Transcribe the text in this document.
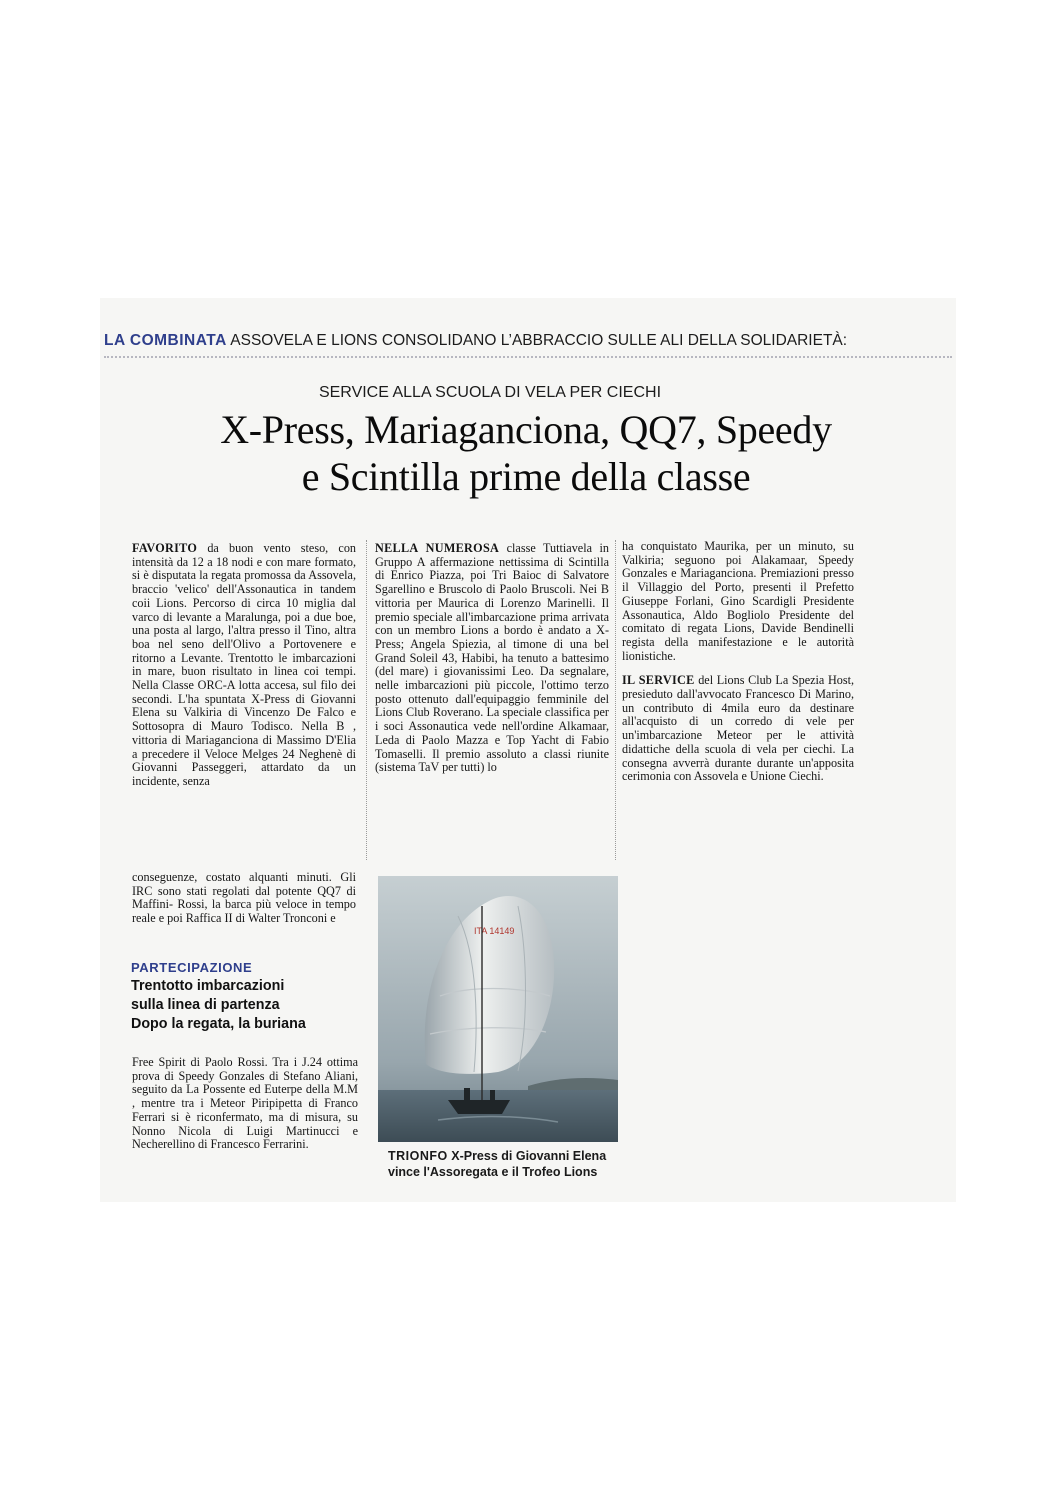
LA COMBINATA ASSOVELA E LIONS CONSOLIDANO L’ABBRACCIO SULLE ALI DELLA SOLIDARIETÀ:
SERVICE ALLA SCUOLA DI VELA PER CIECHI
X-Press, Mariaganciona, QQ7, Speedy
e Scintilla prime della classe
FAVORITO da buon vento steso, con intensità da 12 a 18 nodi e con mare formato, si è disputata la regata promossa da Assovela, braccio 'velico' dell'Assonautica in tandem coii Lions. Percorso di circa 10 miglia dal varco di levante a Maralunga, poi a due boe, una posta al largo, l'altra presso il Tino, altra boa nel seno dell'Olivo a Portovenere e ritorno a Levante. Trentotto le imbarcazioni in mare, buon risultato in linea coi tempi. Nella Classe ORC-A lotta accesa, sul filo dei secondi. L'ha spuntata X-Press di Giovanni Elena su Valkiria di Vincenzo De Falco e Sottosopra di Mauro Todisco. Nella B , vittoria di Mariaganciona di Massimo D'Elia a precedere il Veloce Melges 24 Neghenè di Giovanni Passeggeri, attardato da un incidente, senza
conseguenze, costato alquanti minuti. Gli IRC sono stati regolati dal potente QQ7 di Maffini- Rossi, la barca più veloce in tempo reale e poi Raffica II di Walter Tronconi e
NELLA NUMEROSA classe Tuttiavela in Gruppo A affermazione nettissima di Scintilla di Enrico Piazza, poi Tri Baioc di Salvatore Sgarellino e Bruscolo di Paolo Bruscoli. Nei B vittoria per Maurica di Lorenzo Marinelli. Il premio speciale all'imbarcazione prima arrivata con un membro Lions a bordo è andato a X-Press; Angela Spiezia, al timone di una bel Grand Soleil 43, Habibi, ha tenuto a battesimo (del mare) i giovanissimi Leo. Da segnalare, nelle imbarcazioni più piccole, l'ottimo terzo posto ottenuto dall'equipaggio femminile del Lions Club Roverano. La speciale classifica per i soci Assonautica vede nell'ordine Alkamaar, Leda di Paolo Mazza e Top Yacht di Fabio Tomaselli. Il premio assoluto a classi riunite (sistema TaV per tutti) lo

ha conquistato Maurika, per un minuto, su Valkiria; seguono poi Alakamaar, Speedy Gonzales e Mariaganciona. Premiazioni presso il Villaggio del Porto, presenti il Prefetto Giuseppe Forlani, Gino Scardigli Presidente Assonautica, Aldo Bogliolo Presidente del comitato di regata Lions, Davide Bendinelli regista della manifestazione e le autorità lionistiche.

IL SERVICE del Lions Club La Spezia Host, presieduto dall'avvocato Francesco Di Marino, un contributo di 4mila euro da destinare all'acquisto di un corredo di vele per un'imbarcazione Meteor per le attività didattiche della scuola di vela per ciechi. La consegna avverrà durante durante un'apposita cerimonia con Assovela e Unione Ciechi.

PARTECIPAZIONE
Trentotto imbarcazioni
sulla linea di partenza
Dopo la regata, la buriana
Free Spirit di Paolo Rossi. Tra i J.24 ottima prova di Speedy Gonzales di Stefano Aliani, seguito da La Possente ed Euterpe della M.M , mentre tra i Meteor Piripipetta di Franco Ferrari si è riconfermato, ma di misura, su Nonno Nicola di Luigi Martinucci e Necherellino di Francesco Ferrarini.
ITA 14149
TRIONFO X-Press di Giovanni Elena vince l'Assoregata e il Trofeo Lions
